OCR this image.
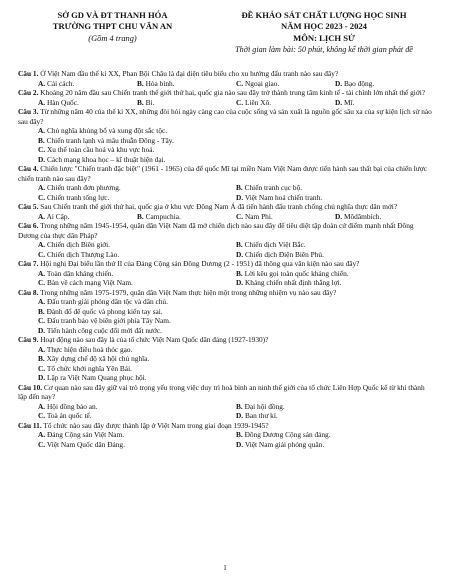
SỞ GD VÀ ĐT THANH HÓA
TRƯỜNG THPT CHU VĂN AN
(Gồm 4 trang)
ĐỀ KHẢO SÁT CHẤT LƯỢNG HỌC SINH
NĂM HỌC 2023 - 2024
MÔN: LỊCH SỬ
Thời gian làm bài: 50 phút, không kể thời gian phát đề
Câu 1. Ở Việt Nam đầu thế kỉ XX, Phan Bội Châu là đại diện tiêu biểu cho xu hướng đấu tranh nào sau đây?
A. Cải cách.	B. Hòa bình.	C. Ngoại giao.	D. Bạo động.
Câu 2. Khoảng 20 năm đầu sau Chiến tranh thế giới thứ hai, quốc gia nào sau đây trở thành trung tâm kinh tế - tài chính lớn nhất thế giới?
A. Hàn Quốc.	B. Bỉ.	C. Liên Xô.	D. Mĩ.
Câu 3. Từ những năm 40 của thế kỉ XX, những đòi hỏi ngày càng cao của cuộc sống và sản xuất là nguồn gốc sâu xa của sự kiện lịch sử nào sau đây?
A. Chủ nghĩa khủng bố và xung đột sắc tộc.
B. Chiến tranh lạnh và mâu thuẫn Đông - Tây.
C. Xu thế toàn cầu hoá và khu vực hoá.
D. Cách mạng khoa học – kĩ thuật hiện đại.
Câu 4. Chiến lược "Chiến tranh đặc biệt" (1961 - 1965) của đế quốc Mĩ tại miền Nam Việt Nam được tiến hành sau thất bại của chiến lược chiến tranh nào sau đây?
A. Chiến tranh đơn phương.	B. Chiến tranh cục bộ.
C. Chiến tranh tổng lực.	D. Việt Nam hoá chiến tranh.
Câu 5. Sau Chiến tranh thế giới thứ hai, quốc gia ở khu vực Đông Nam Á đã tiến hành đấu tranh chống chủ nghĩa thực dân mới?
A. Ai Cập.	B. Campuchia.	C. Nam Phi.	D. Môdămbích.
Câu 6. Trong những năm 1945-1954, quân dân Việt Nam đã mở chiến dịch nào sau đây để tiêu diệt tập đoàn cứ điểm mạnh nhất Đông Dương của thực dân Pháp?
A. Chiến dịch Biên giới.	B. Chiến dịch Việt Bắc.
C. Chiến dịch Thượng Lào.	D. Chiến dịch Điện Biên Phủ.
Câu 7. Hội nghị Đại biểu lần thứ II của Đảng Cộng sản Đông Dương (2 - 1951) đã thông qua văn kiện nào sau đây?
A. Toàn dân kháng chiến.	B. Lời kêu gọi toàn quốc kháng chiến.
C. Bàn về cách mạng Việt Nam.	D. Kháng chiến nhất định thắng lợi.
Câu 8. Trong những năm 1975-1979, quân dân Việt Nam thực hiện một trong những nhiệm vụ nào sau đây?
A. Đấu tranh giải phóng dân tộc và dân chủ.
B. Đánh đổ đế quốc và phong kiến tay sai.
C. Đấu tranh bảo vệ biên giới phía Tây Nam.
D. Tiến hành công cuộc đổi mới đất nước.
Câu 9. Hoạt động nào sau đây là của tổ chức Việt Nam Quốc dân đảng (1927-1930)?
A. Thực hiện điều hoà thóc gạo.
B. Xây dựng chế độ xã hội chủ nghĩa.
C. Tổ chức khởi nghĩa Yên Bái.
D. Lập ra Việt Nam Quang phục hội.
Câu 10. Cơ quan nào sau đây giữ vai trò trọng yếu trong việc duy trì hoà bình an ninh thế giới của tổ chức Liên Hợp Quốc kể từ khi thành lập đến nay?
A. Hội đồng bảo an.	B. Đại hội đồng.
C. Toà án quốc tế.	D. Ban thư kí.
Câu 11. Tổ chức nào sau đây được thành lập ở Việt Nam trong giai đoạn 1939-1945?
A. Đảng Cộng sản Việt Nam.	B. Đông Dương Cộng sản đảng.
C. Việt Nam Quốc dân Đảng.	D. Việt Nam giải phóng quân.
1
